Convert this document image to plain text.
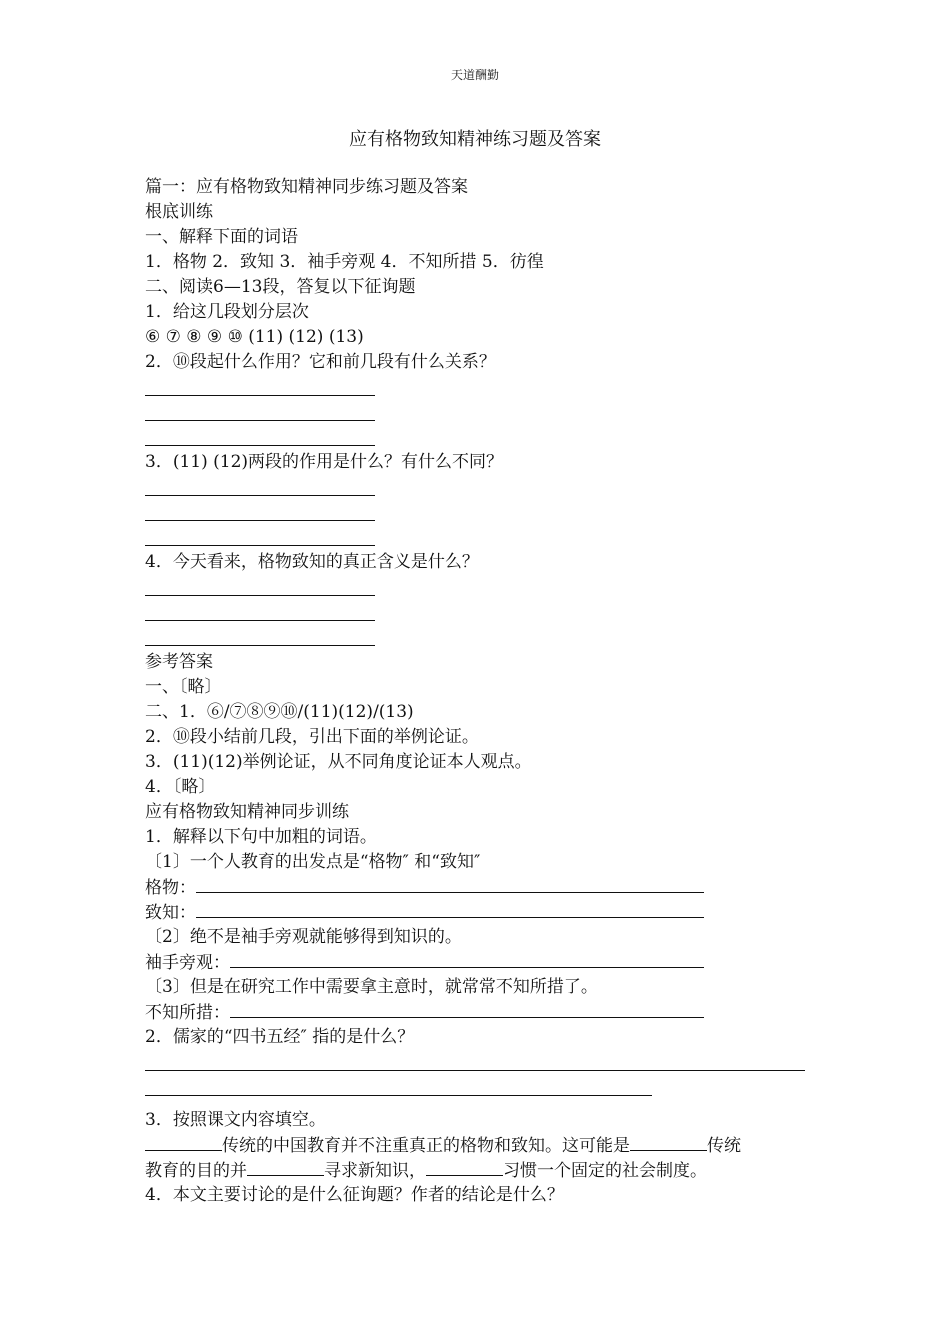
天道酬勤
应有格物致知精神练习题及答案
篇一：应有格物致知精神同步练习题及答案
根底训练
一、解释下面的词语
1．格物 2．致知 3．袖手旁观 4．不知所措 5．彷徨
二、阅读6—13段，答复以下征询题
1．给这几段划分层次
⑥ ⑦ ⑧ ⑨ ⑩ (11) (12) (13)
2．⑩段起什么作用？它和前几段有什么关系？
3．(11) (12)两段的作用是什么？有什么不同？
4．今天看来，格物致知的真正含义是什么？
参考答案
一、〔略〕
二、1．⑥/⑦⑧⑨⑩/(11)(12)/(13)
2．⑩段小结前几段，引出下面的举例论证。
3．(11)(12)举例论证，从不同角度论证本人观点。
4．〔略〕
应有格物致知精神同步训练
1．解释以下句中加粗的词语。
〔1〕一个人教育的出发点是“格物″ 和“致知″
格物：
致知：
〔2〕绝不是袖手旁观就能够得到知识的。
袖手旁观：
〔3〕但是在研究工作中需要拿主意时，就常常不知所措了。
不知所措：
2．儒家的“四书五经″ 指的是什么？
3．按照课文内容填空。
传统的中国教育并不注重真正的格物和致知。这可能是	传统
教育的目的并	寻求新知识，	习惯一个固定的社会制度。
4．本文主要讨论的是什么征询题？作者的结论是什么？
